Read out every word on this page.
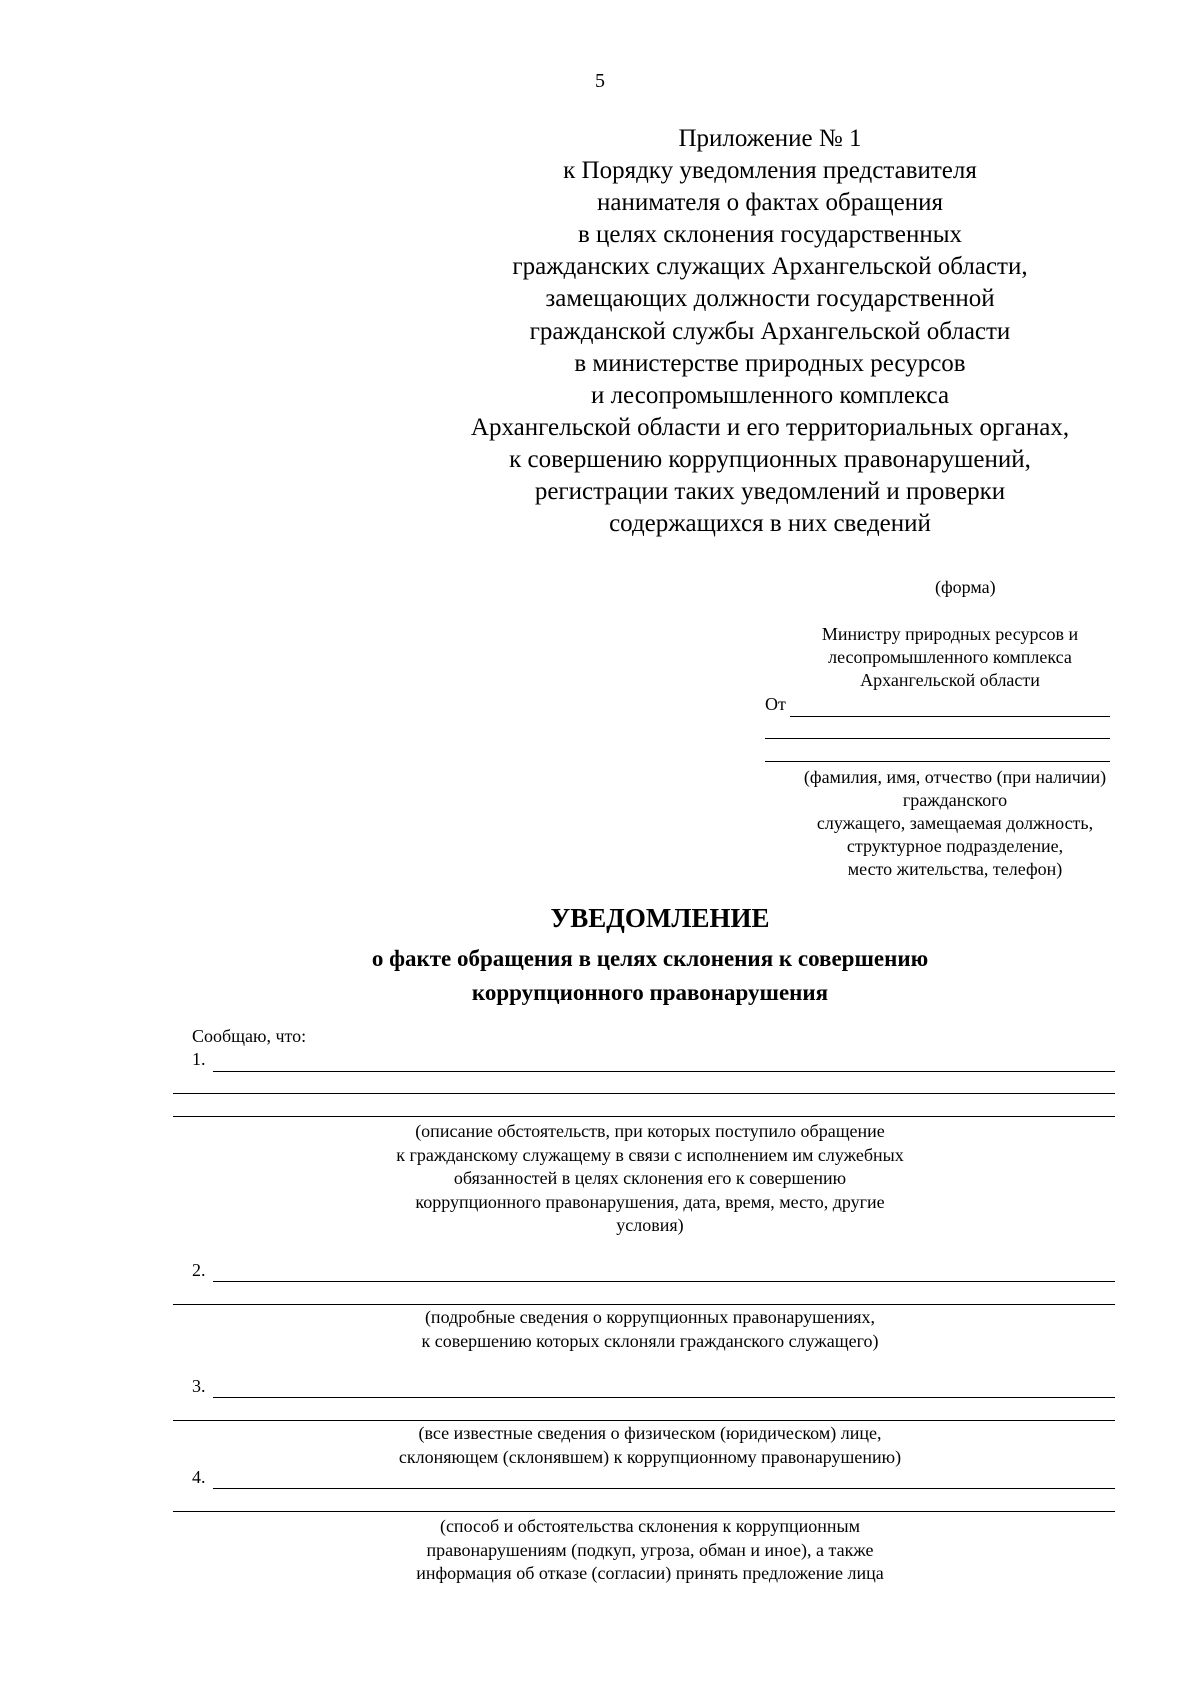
5
Приложение № 1
к Порядку уведомления представителя
нанимателя о фактах обращения
в целях склонения государственных
гражданских служащих Архангельской области,
замещающих должности государственной
гражданской службы Архангельской области
в министерстве природных ресурсов
и лесопромышленного комплекса
Архангельской области и его территориальных органах,
к совершению коррупционных правонарушений,
регистрации таких уведомлений и проверки
содержащихся в них сведений
(форма)
Министру природных ресурсов и
лесопромышленного комплекса
Архангельской области
От
(фамилия, имя, отчество (при наличии)
гражданского
служащего, замещаемая должность,
структурное подразделение,
место жительства, телефон)
УВЕДОМЛЕНИЕ
о факте обращения в целях склонения к совершению
коррупционного правонарушения
Сообщаю, что:
1.
(описание обстоятельств, при которых поступило обращение
к гражданскому служащему в связи с исполнением им служебных
обязанностей в целях склонения его к совершению
коррупционного правонарушения, дата, время, место, другие
условия)
2.
(подробные сведения о коррупционных правонарушениях,
к совершению которых склоняли гражданского служащего)
3.
(все известные сведения о физическом (юридическом) лице,
склоняющем (склонявшем) к коррупционному правонарушению)
4.
(способ и обстоятельства склонения к коррупционным
правонарушениям (подкуп, угроза, обман и иное), а также
информация об отказе (согласии) принять предложение лица
